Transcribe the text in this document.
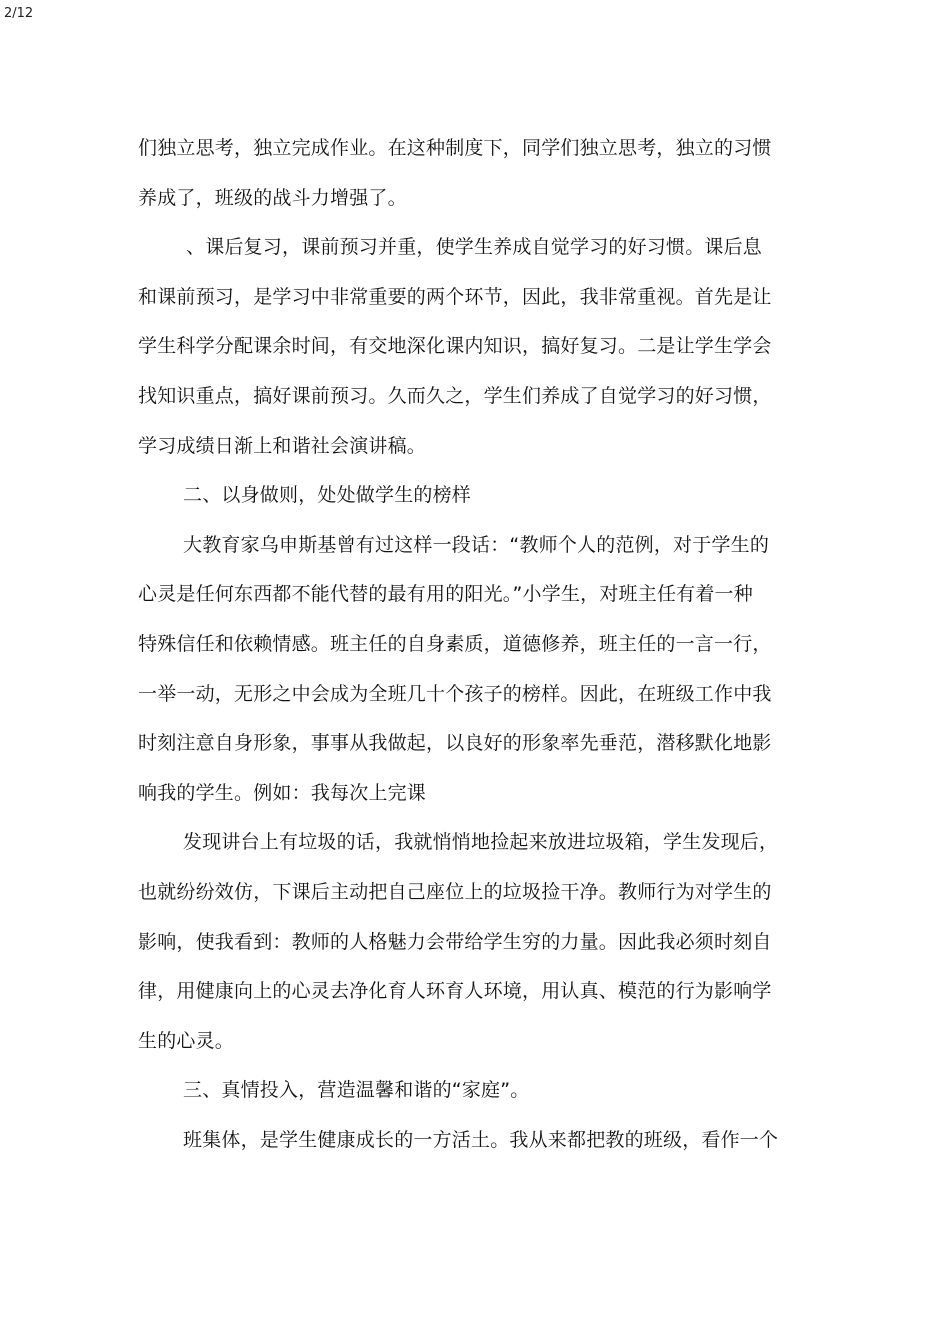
2/12
们独立思考，独立完成作业。在这种制度下，同学们独立思考，独立的习惯
养成了，班级的战斗力增强了。
、课后复习，课前预习并重，使学生养成自觉学习的好习惯。课后息
和课前预习，是学习中非常重要的两个环节，因此，我非常重视。首先是让
学生科学分配课余时间，有交地深化课内知识，搞好复习。二是让学生学会
找知识重点，搞好课前预习。久而久之，学生们养成了自觉学习的好习惯，
学习成绩日渐上和谐社会演讲稿。
二、以身做则，处处做学生的榜样
大教育家乌申斯基曾有过这样一段话：“教师个人的范例，对于学生的
心灵是任何东西都不能代替的最有用的阳光。”小学生，对班主任有着一种
特殊信任和依赖情感。班主任的自身素质，道德修养，班主任的一言一行，
一举一动，无形之中会成为全班几十个孩子的榜样。因此，在班级工作中我
时刻注意自身形象，事事从我做起，以良好的形象率先垂范，潜移默化地影
响我的学生。例如：我每次上完课
发现讲台上有垃圾的话，我就悄悄地捡起来放进垃圾箱，学生发现后，
也就纷纷效仿，下课后主动把自己座位上的垃圾捡干净。教师行为对学生的
影响，使我看到：教师的人格魅力会带给学生穷的力量。因此我必须时刻自
律，用健康向上的心灵去净化育人环育人环境，用认真、模范的行为影响学
生的心灵。
三、真情投入，营造温馨和谐的“家庭”。
班集体，是学生健康成长的一方活土。我从来都把教的班级，看作一个
